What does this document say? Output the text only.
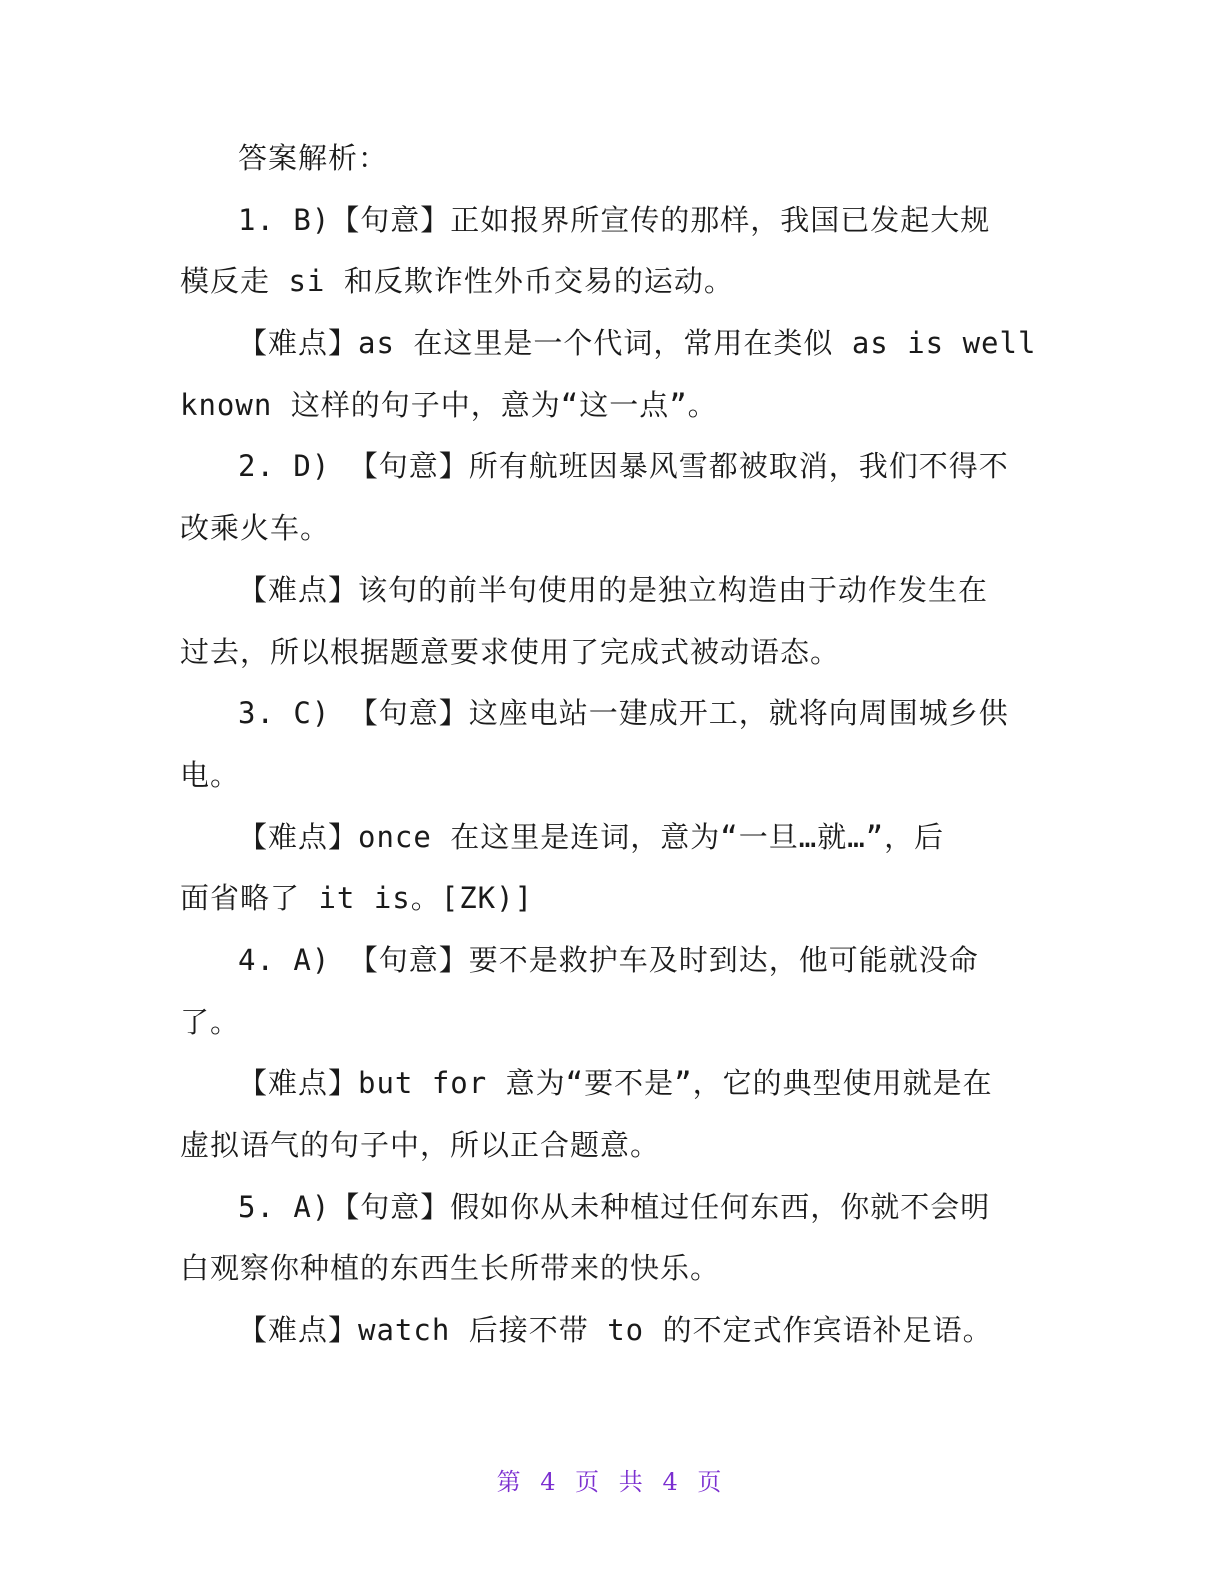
答案解析：
1. B)【句意】正如报界所宣传的那样，我国已发起大规
模反走 si 和反欺诈性外币交易的运动。
【难点】as 在这里是一个代词，常用在类似 as is well
known 这样的句子中，意为“这一点”。
2. D) 【句意】所有航班因暴风雪都被取消，我们不得不
改乘火车。
【难点】该句的前半句使用的是独立构造由于动作发生在
过去，所以根据题意要求使用了完成式被动语态。
3. C) 【句意】这座电站一建成开工，就将向周围城乡供
电。
【难点】once 在这里是连词，意为“一旦…就…”，后
面省略了 it is。[ZK)]
4. A) 【句意】要不是救护车及时到达，他可能就没命
了。
【难点】but for 意为“要不是”，它的典型使用就是在
虚拟语气的句子中，所以正合题意。
5. A)【句意】假如你从未种植过任何东西，你就不会明
白观察你种植的东西生长所带来的快乐。
【难点】watch 后接不带 to 的不定式作宾语补足语。
第 4 页 共 4 页
